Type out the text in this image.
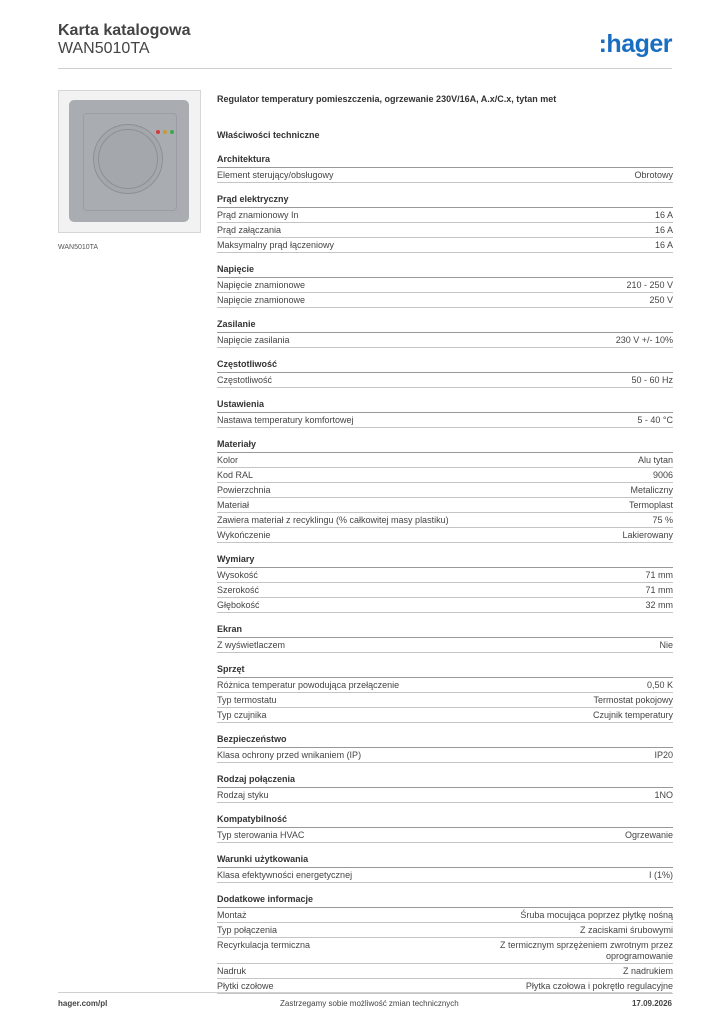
Karta katalogowa
WAN5010TA	:hager
WAN5010TA
Regulator temperatury pomieszczenia, ogrzewanie 230V/16A, A.x/C.x, tytan met
Właściwości techniczne
Architektura
Element sterujący/obsługowy	Obrotowy
Prąd elektryczny
Prąd znamionowy In	16 A
Prąd załączania	16 A
Maksymalny prąd łączeniowy	16 A
Napięcie
Napięcie znamionowe	210 - 250 V
Napięcie znamionowe	250 V
Zasilanie
Napięcie zasilania	230 V +/- 10%
Częstotliwość
Częstotliwość	50 - 60 Hz
Ustawienia
Nastawa temperatury komfortowej	5 - 40 °C
Materiały
Kolor	Alu tytan
Kod RAL	9006
Powierzchnia	Metaliczny
Materiał	Termoplast
Zawiera materiał z recyklingu (% całkowitej masy plastiku)	75 %
Wykończenie	Lakierowany
Wymiary
Wysokość	71 mm
Szerokość	71 mm
Głębokość	32 mm
Ekran
Z wyświetlaczem	Nie
Sprzęt
Różnica temperatur powodująca przełączenie	0,50 K
Typ termostatu	Termostat pokojowy
Typ czujnika	Czujnik temperatury
Bezpieczeństwo
Klasa ochrony przed wnikaniem (IP)	IP20
Rodzaj połączenia
Rodzaj styku	1NO
Kompatybilność
Typ sterowania HVAC	Ogrzewanie
Warunki użytkowania
Klasa efektywności energetycznej	I (1%)
Dodatkowe informacje
Montaż	Śruba mocująca poprzez płytkę nośną
Typ połączenia	Z zaciskami śrubowymi
Recyrkulacja termiczna	Z termicznym sprzężeniem zwrotnym przez oprogramowanie
Nadruk	Z nadrukiem
Płytki czołowe	Płytka czołowa i pokrętło regulacyjne
hager.com/pl	Zastrzegamy sobie możliwość zmian technicznych	17.09.2026
